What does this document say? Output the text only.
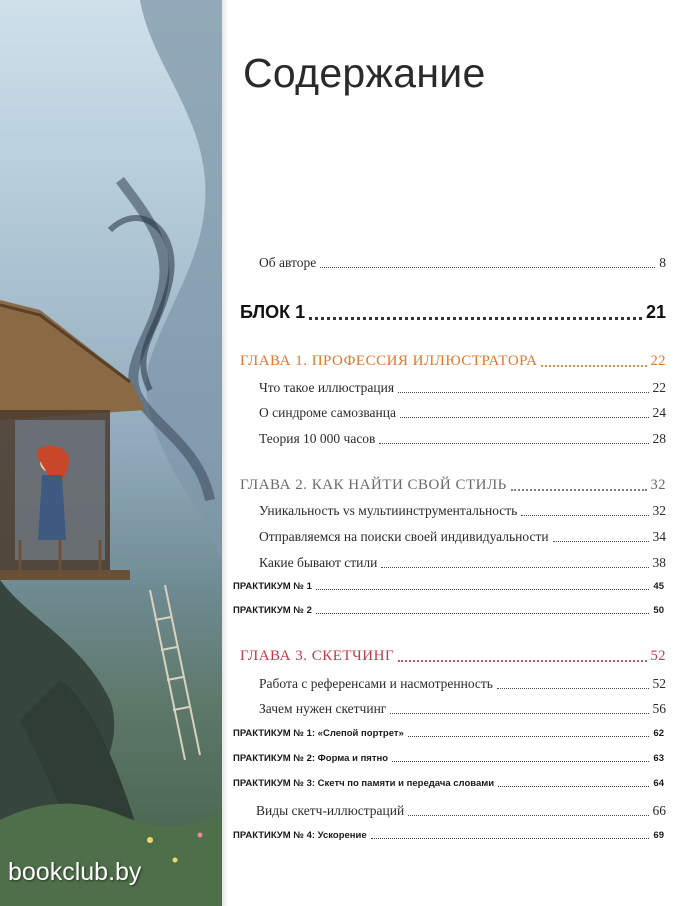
bookclub.by
Содержание
Об авторе	8
БЛОК 1	21
ГЛАВА 1. ПРОФЕССИЯ ИЛЛЮСТРАТОРА	22
Что такое иллюстрация	22
О синдроме самозванца	24
Теория 10 000 часов	28
ГЛАВА 2. КАК НАЙТИ СВОЙ СТИЛЬ	32
Уникальность vs мультиинструментальность	32
Отправляемся на поиски своей индивидуальности	34
Какие бывают стили	38
ПРАКТИКУМ № 1	45
ПРАКТИКУМ № 2	50
ГЛАВА 3. СКЕТЧИНГ	52
Работа с референсами и насмотренность	52
Зачем нужен скетчинг	56
ПРАКТИКУМ № 1: «Слепой портрет»	62
ПРАКТИКУМ № 2: Форма и пятно	63
ПРАКТИКУМ № 3: Скетч по памяти и передача словами	64
Виды скетч-иллюстраций	66
ПРАКТИКУМ № 4: Ускорение	69
